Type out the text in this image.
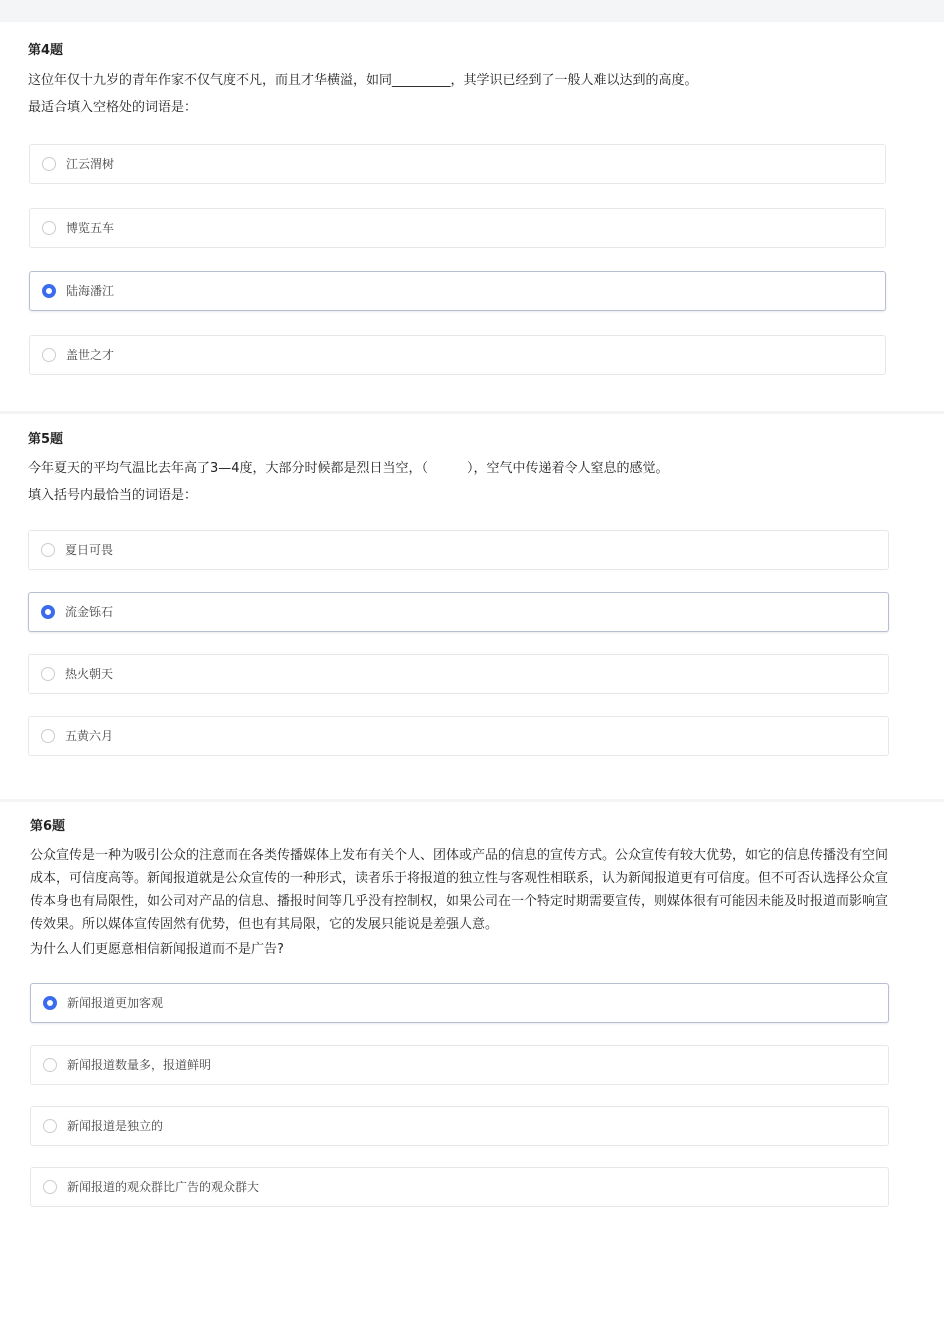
第4题
这位年仅十九岁的青年作家不仅气度不凡，而且才华横溢，如同_________，其学识已经到了一般人难以达到的高度。
最适合填入空格处的词语是：
江云渭树
博览五车
陆海潘江
盖世之才
第5题
今年夏天的平均气温比去年高了3—4度，大部分时候都是烈日当空，（　　　），空气中传递着令人窒息的感觉。
填入括号内最恰当的词语是：
夏日可畏
流金铄石
热火朝天
五黄六月
第6题
公众宣传是一种为吸引公众的注意而在各类传播媒体上发布有关个人、团体或产品的信息的宣传方式。公众宣传有较大优势，如它的信息传播没有空间成本，可信度高等。新闻报道就是公众宣传的一种形式，读者乐于将报道的独立性与客观性相联系，认为新闻报道更有可信度。但不可否认选择公众宣传本身也有局限性，如公司对产品的信息、播报时间等几乎没有控制权，如果公司在一个特定时期需要宣传，则媒体很有可能因未能及时报道而影响宣传效果。所以媒体宣传固然有优势，但也有其局限，它的发展只能说是差强人意。
为什么人们更愿意相信新闻报道而不是广告?
新闻报道更加客观
新闻报道数量多，报道鲜明
新闻报道是独立的
新闻报道的观众群比广告的观众群大
